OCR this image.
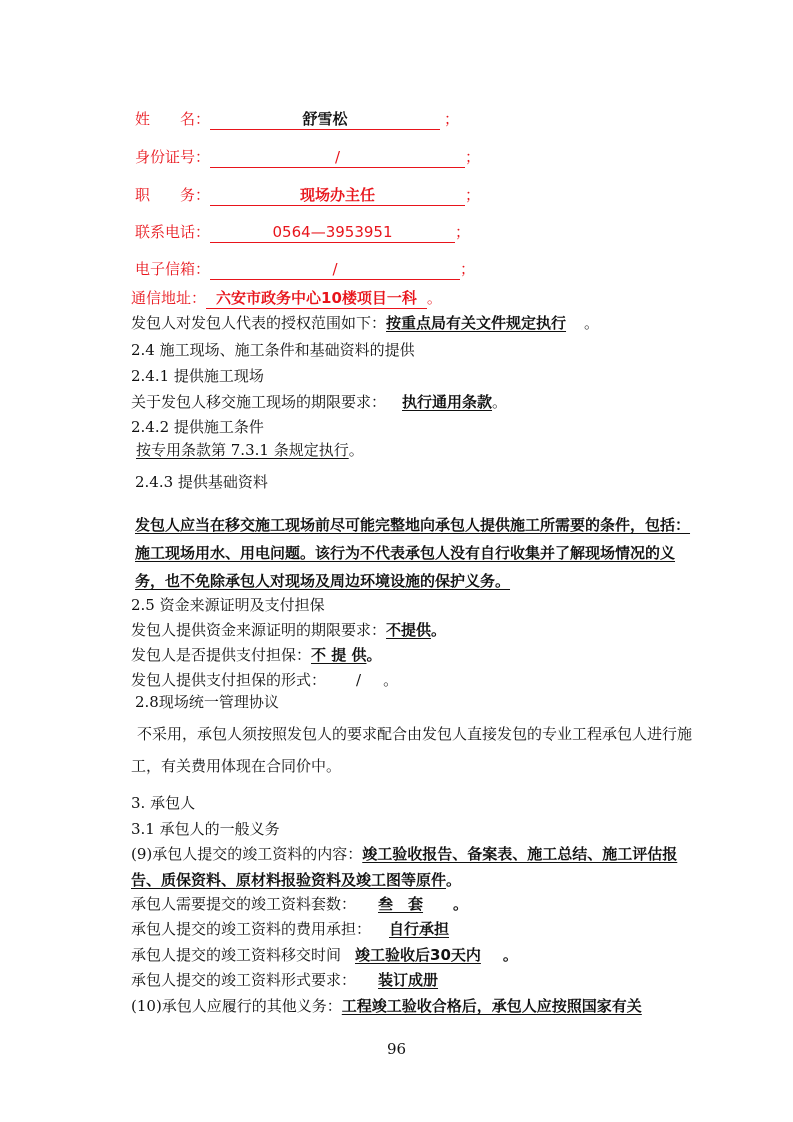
姓　　名：	舒雪松	；
身份证号：	/	；
职　　务：	现场办主任	；
联系电话：	0564—3953951	；
电子信箱：	/	；
通信地址： 六安市政务中心10楼项目一科 。
发包人对发包人代表的授权范围如下：按重点局有关文件规定执行 。
2.4 施工现场、施工条件和基础资料的提供
2.4.1 提供施工现场
关于发包人移交施工现场的期限要求： 执行通用条款。
2.4.2 提供施工条件
按专用条款第 7.3.1 条规定执行。
2.4.3 提供基础资料
发包人应当在移交施工现场前尽可能完整地向承包人提供施工所需要的条件，包括：施工现场用水、用电问题。该行为不代表承包人没有自行收集并了解现场情况的义务，也不免除承包人对现场及周边环境设施的保护义务。
2.5 资金来源证明及支付担保
发包人提供资金来源证明的期限要求：不提供。
发包人是否提供支付担保：不 提 供。
发包人提供支付担保的形式： / 。
2.8现场统一管理协议
不采用，承包人须按照发包人的要求配合由发包人直接发包的专业工程承包人进行施工，有关费用体现在合同价中。
3. 承包人
3.1 承包人的一般义务
(9)承包人提交的竣工资料的内容：竣工验收报告、备案表、施工总结、施工评估报告、质保资料、原材料报验资料及竣工图等原件。
承包人需要提交的竣工资料套数： 叁　套 。
承包人提交的竣工资料的费用承担： 自行承担
承包人提交的竣工资料移交时间 竣工验收后30天内 。
承包人提交的竣工资料形式要求： 装订成册
(10)承包人应履行的其他义务：工程竣工验收合格后，承包人应按照国家有关
96
